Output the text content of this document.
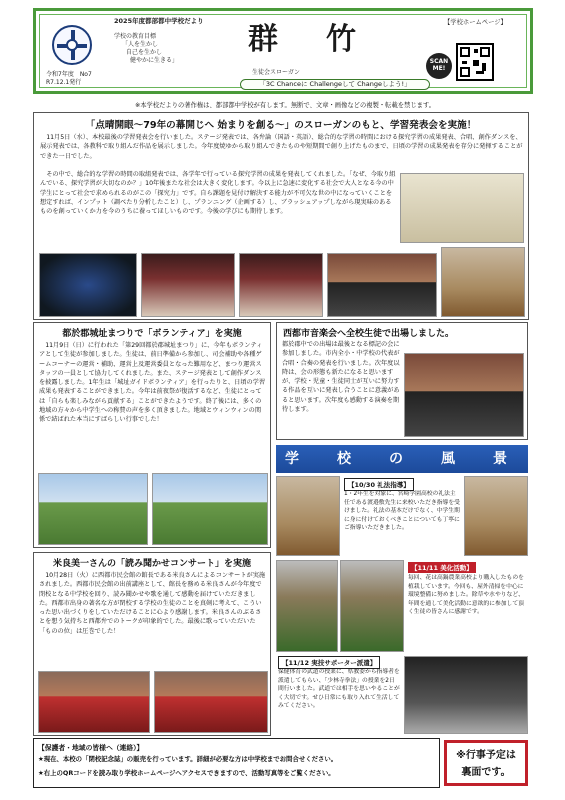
2025年度都部都中学校だより
学校の教育目標
「人を生かし
自己を生かし
健やかに生きる」
令和7年度　No7
R7.12.1発行
群 竹
生徒会スローガン
「3C Chanceに Challengeして Changeしよう!」
【学校ホームページ】
SCAN ME!
※本学校だよりの著作権は、都部都中学校が有します。無断で、文章・画像などの複製・転載を禁じます。
「点晴開眼～79年の幕開じへ 始まりを創る～」のスローガンのもと、学習発表会を実施！
11月5日（水）、本校最後の学習発表会を行いました。ステージ発表では、各弁論（国語・英語）、総合的な学習の時間における探究学習の成果発表、合唱、創作ダンスを、展示発表では、各教科で取り組んだ作品を展示しました。今年度焼ゆから取り組んできたものや短期間で創り上げたものまで、日頃の学習の成果発表を存分に発揮することができた一日でした。
その中で、総合的な学習の時間の取組発表では、各学年で行っている探究学習の成果を発表してくれました。「なぜ、今取り組んでいる、探究学習が大切なのか？」10年後またな社会は大きく変化します。今以上に急速に変化する社会で大人となる今の中学生にとって社会で求められるのがこの「探究力」です。自ら課題を見付け解決する能力が不可欠な世の中になっていくことを想定すれば、インプット（調べたり分析したこと）し、プランニング（企画する）し、ブラッシュアップしながら現実味のあるものを創っていくか力を今のうちに養ってほしいものです。今後の学びにも期待します。
都於郡城址まつりで「ボランティア」を実施
11月9日（日）に行われた「第29回都於郡城址まつり」に、今年もボランティアとして生徒が参加しました。生徒は、前日準備から参加し、司会補助や各種ゲームコーナーの運営・補助、運営上及運営委員となった難用など、まつり運営スタッフの一員として協力してくれました。また、ステージ発表として創作ダンスを披露しました。1年生は「城址ガイドボランティア」を行ったりと、日頃の学習成果も発表することができました。今年は前夜祭が復活するなど、生徒にとっては「自らも楽しみながら貢献する」ことができたようです。終了後には、多くの地域の方々から中学生への称賛の声を多く頂きました。地域とウィンウィンの関係で結ばれた本当にすばらしい行事でした！
西都市音楽会へ全校生徒で出場しました。
都於郡中での出場は最後となる標記の会に参加しました。市内全小・中学校の代表が合唱・合奏の発表を行いました。次年度以降は、会の形態も新たになると思いますが、学校・児童・生徒同士が互いに努力する作品を互いに発表し合うことに意義があると思います。次年度も感動する演奏を期待します。
米良美一さんの「読み聞かせコンサート」を実施
10月28日（火）に西都市民会館の館長である米良さんによるコンサートが実施されました。西都市民会館の出前講座として、館長を務める米良さんが今年度で閉校となる中学校を回り、読み聞かせや歌を通して感動を届けていただきました。西都市出身の著名な方が閉校する学校の生徒のことを真剣に考えて、こういった思い出づくりをしていただけることに心より感謝します。米良さんのぶるさとを想う気持ちと西都弁でのトークが印象的でした。最後に歌っていただいた「ものの位」は圧巻でした！
学　校　の　風　景
【10/30 礼法指導】
1・2年生を対象に、宮崎学園高校の礼法主任である渡邉敷先生に来校いただき指導を受けました。礼法の基本だけでなく、中学生期に身に付けておくべきことについても丁寧にご指導いただきました。
【11/11 美化活動】
毎回、花は高鍋農業高校より購入したものを植栽しています。今回も、屋外清掃を中心に環境整備に努めました。除草や水やりなど、年間を通して美化活動に意欲的に参加して頂く生徒の皆さんに感謝です。
【11/12 実技サポーター派遣】
保健体育の武道の授業に、県教委から指導者を派遣してもらい、「少林寺拳法」の授業を2日間行いました。武道では相手を思いやることがく大切です。せひ日常にも取り入れて生活してみてください。
【保護者・地域の皆様へ（連絡）】
★現在、本校の「閉校記念誌」の販売を行っています。詳細が必要な方は中学校までお問合せください。
★右上のQRコードを読み取り学校ホームページへアクセスできますので、活動写真等をご覧ください。
※行事予定は
裏面です。
